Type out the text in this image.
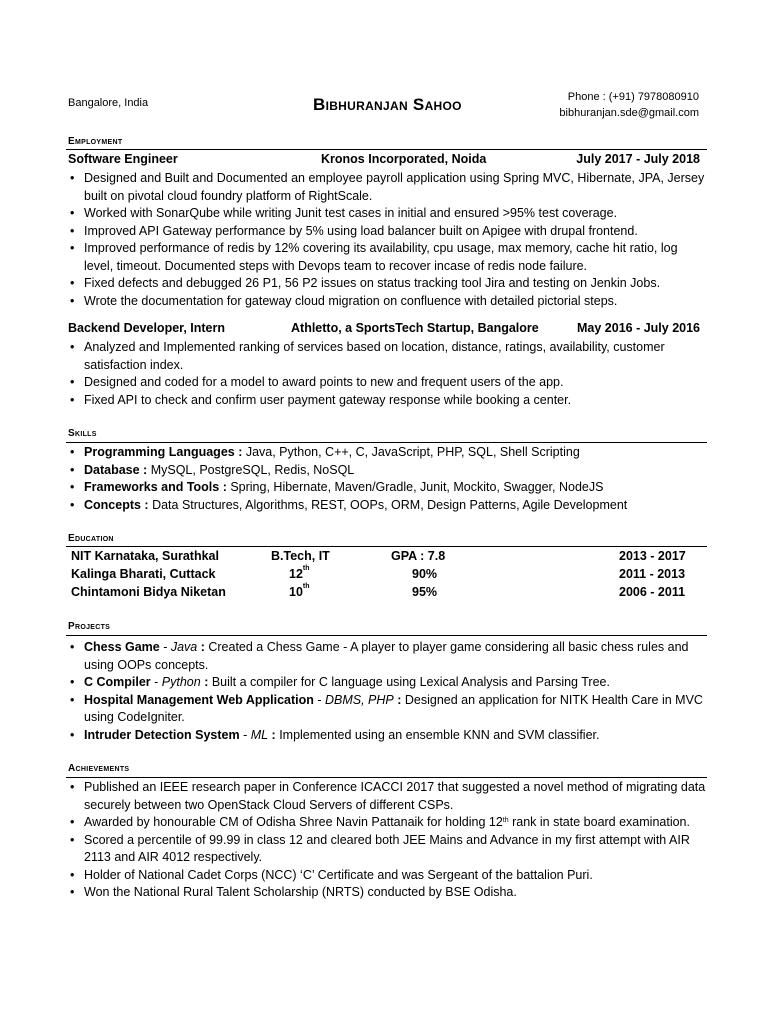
Bangalore, India	Bibhuranjan Sahoo	Phone : (+91) 7978080910
bibhuranjan.sde@gmail.com
Employment
Software Engineer	Kronos Incorporated, Noida	July 2017 - July 2018
• Designed and Built and Documented an employee payroll application using Spring MVC, Hibernate, JPA, Jersey built on pivotal cloud foundry platform of RightScale.
• Worked with SonarQube while writing Junit test cases in initial and ensured >95% test coverage.
• Improved API Gateway performance by 5% using load balancer built on Apigee with drupal frontend.
• Improved performance of redis by 12% covering its availability, cpu usage, max memory, cache hit ratio, log level, timeout. Documented steps with Devops team to recover incase of redis node failure.
• Fixed defects and debugged 26 P1, 56 P2 issues on status tracking tool Jira and testing on Jenkin Jobs.
• Wrote the documentation for gateway cloud migration on confluence with detailed pictorial steps.
Backend Developer, Intern	Athletto, a SportsTech Startup, Bangalore	May 2016 - July 2016
• Analyzed and Implemented ranking of services based on location, distance, ratings, availability, customer satisfaction index.
• Designed and coded for a model to award points to new and frequent users of the app.
• Fixed API to check and confirm user payment gateway response while booking a center.
Skills
• Programming Languages : Java, Python, C++, C, JavaScript, PHP, SQL, Shell Scripting
• Database : MySQL, PostgreSQL, Redis, NoSQL
• Frameworks and Tools : Spring, Hibernate, Maven/Gradle, Junit, Mockito, Swagger, NodeJS
• Concepts : Data Structures, Algorithms, REST, OOPs, ORM, Design Patterns, Agile Development
Education
NIT Karnataka, Surathkal	B.Tech, IT	GPA : 7.8	2013 - 2017
Kalinga Bharati, Cuttack	12th	90%	2011 - 2013
Chintamoni Bidya Niketan	10th	95%	2006 - 2011
Projects
• Chess Game - Java : Created a Chess Game - A player to player game considering all basic chess rules and using OOPs concepts.
• C Compiler - Python : Built a compiler for C language using Lexical Analysis and Parsing Tree.
• Hospital Management Web Application - DBMS, PHP : Designed an application for NITK Health Care in MVC using CodeIgniter.
• Intruder Detection System - ML : Implemented using an ensemble KNN and SVM classifier.
Achievements
• Published an IEEE research paper in Conference ICACCI 2017 that suggested a novel method of migrating data securely between two OpenStack Cloud Servers of different CSPs.
• Awarded by honourable CM of Odisha Shree Navin Pattanaik for holding 12th rank in state board examination.
• Scored a percentile of 99.99 in class 12 and cleared both JEE Mains and Advance in my first attempt with AIR 2113 and AIR 4012 respectively.
• Holder of National Cadet Corps (NCC) ‘C’ Certificate and was Sergeant of the battalion Puri.
• Won the National Rural Talent Scholarship (NRTS) conducted by BSE Odisha.
